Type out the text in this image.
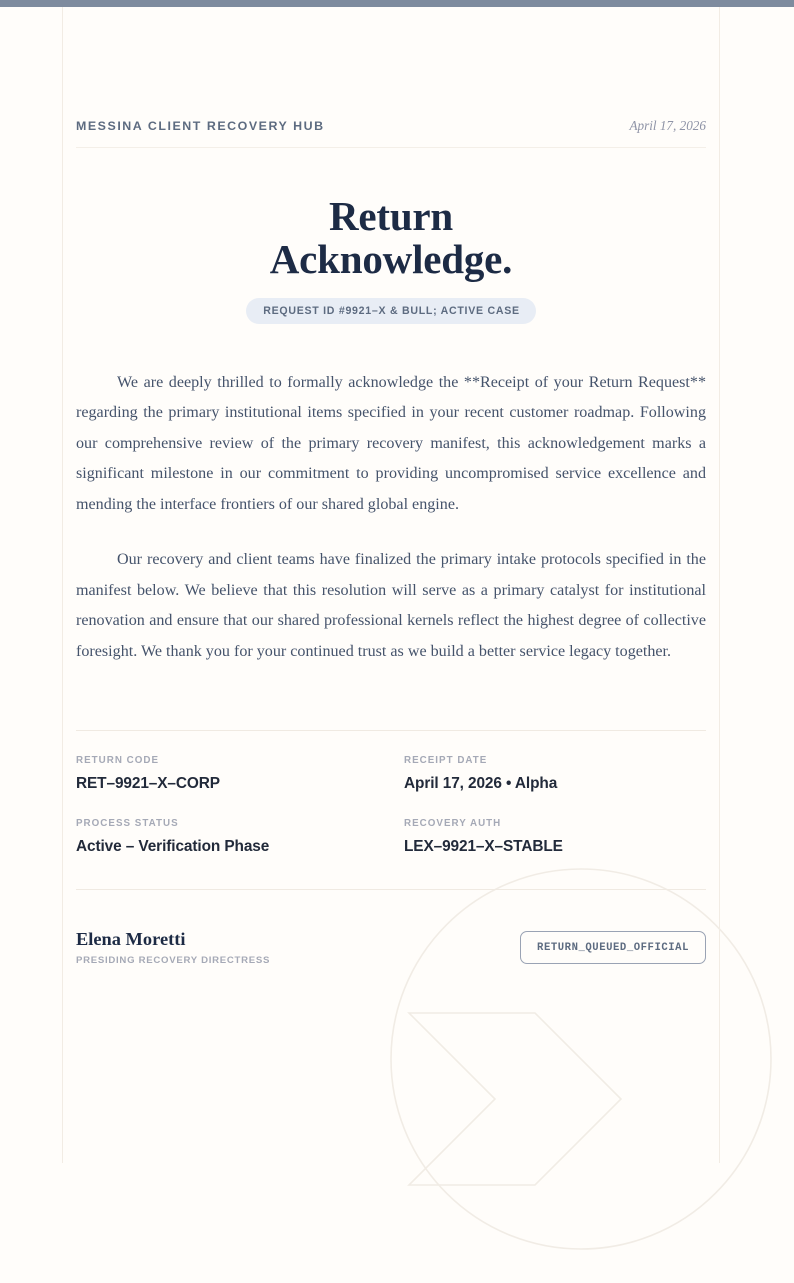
MESSINA CLIENT RECOVERY HUB	April 17, 2026
Return
Acknowledge.
REQUEST ID #9921–X & BULL; ACTIVE CASE

We are deeply thrilled to formally acknowledge the **Receipt of your Return Request** regarding the primary institutional items specified in your recent customer roadmap. Following our comprehensive review of the primary recovery manifest, this acknowledgement marks a significant milestone in our commitment to providing uncompromised service excellence and mending the interface frontiers of our shared global engine.

Our recovery and client teams have finalized the primary intake protocols specified in the manifest below. We believe that this resolution will serve as a primary catalyst for institutional renovation and ensure that our shared professional kernels reflect the highest degree of collective foresight. We thank you for your continued trust as we build a better service legacy together.

RETURN CODE
RET–9921–X–CORP
RECEIPT DATE
April 17, 2026 • Alpha
PROCESS STATUS
Active – Verification Phase
RECOVERY AUTH
LEX–9921–X–STABLE
Elena Moretti
PRESIDING RECOVERY DIRECTRESS
RETURN_QUEUED_OFFICIAL
